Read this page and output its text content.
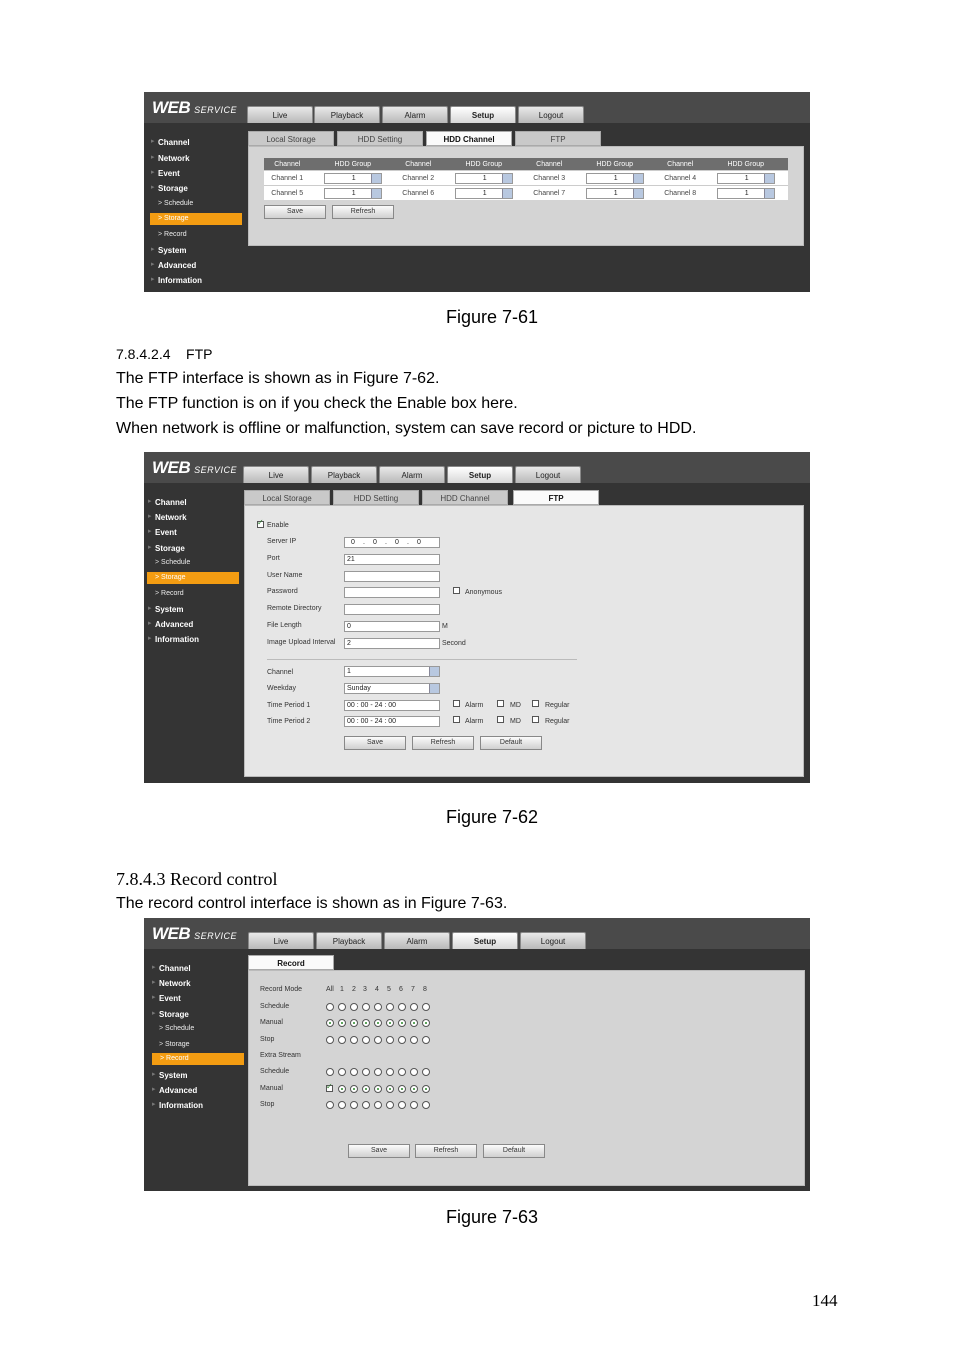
WEB SERVICE
Live	Playback	Alarm	Setup	Logout
▸ Channel
▸ Network
▸ Event
▸ Storage
> Schedule
> Storage
> Record
▸ System
▸ Advanced
▸ Information
Local Storage	HDD Setting	HDD Channel	FTP
Channel	HDD Group	Channel	HDD Group	Channel	HDD Group	Channel	HDD Group
Channel 1	1	Channel 2	1	Channel 3	1	Channel 4	1

Channel 5	1	Channel 6	1	Channel 7	1	Channel 8	1
Save	Refresh
Figure 7-61
7.8.4.2.4    FTP
The FTP interface is shown as in Figure 7-62.
The FTP function is on if you check the Enable box here.
When network is offline or malfunction, system can save record or picture to HDD.
WEB SERVICE
Live	Playback	Alarm	Setup	Logout
▸ Channel
▸ Network
▸ Event
▸ Storage
> Schedule
> Storage
> Record
▸ System
▸ Advanced
▸ Information
Local Storage	HDD Setting	HDD Channel	FTP
✓
Enable
Server IP	0 . 0 . 0 . 0
Port	21
User Name
Password	Anonymous
Remote Directory
File Length	0	M
Image Upload Interval	2	Second
Channel	1
Weekday	Sunday
Time Period 1	00 : 00 - 24 : 00	Alarm	MD	Regular
Time Period 2	00 : 00 - 24 : 00	Alarm	MD	Regular
Save	Refresh	Default
Figure 7-62
7.8.4.3 Record control
The record control interface is shown as in Figure 7-63.
WEB SERVICE
Live	Playback	Alarm	Setup	Logout
▸ Channel
▸ Network
▸ Event
▸ Storage
> Schedule
> Storage
> Record
▸ System
▸ Advanced
▸ Information
Record
Record Mode	All 1 2 3 4 5 6 7 8
Schedule
Manual
Stop
Extra Stream
Schedule
Manual
Stop
✓
Save	Refresh	Default
Figure 7-63
144
